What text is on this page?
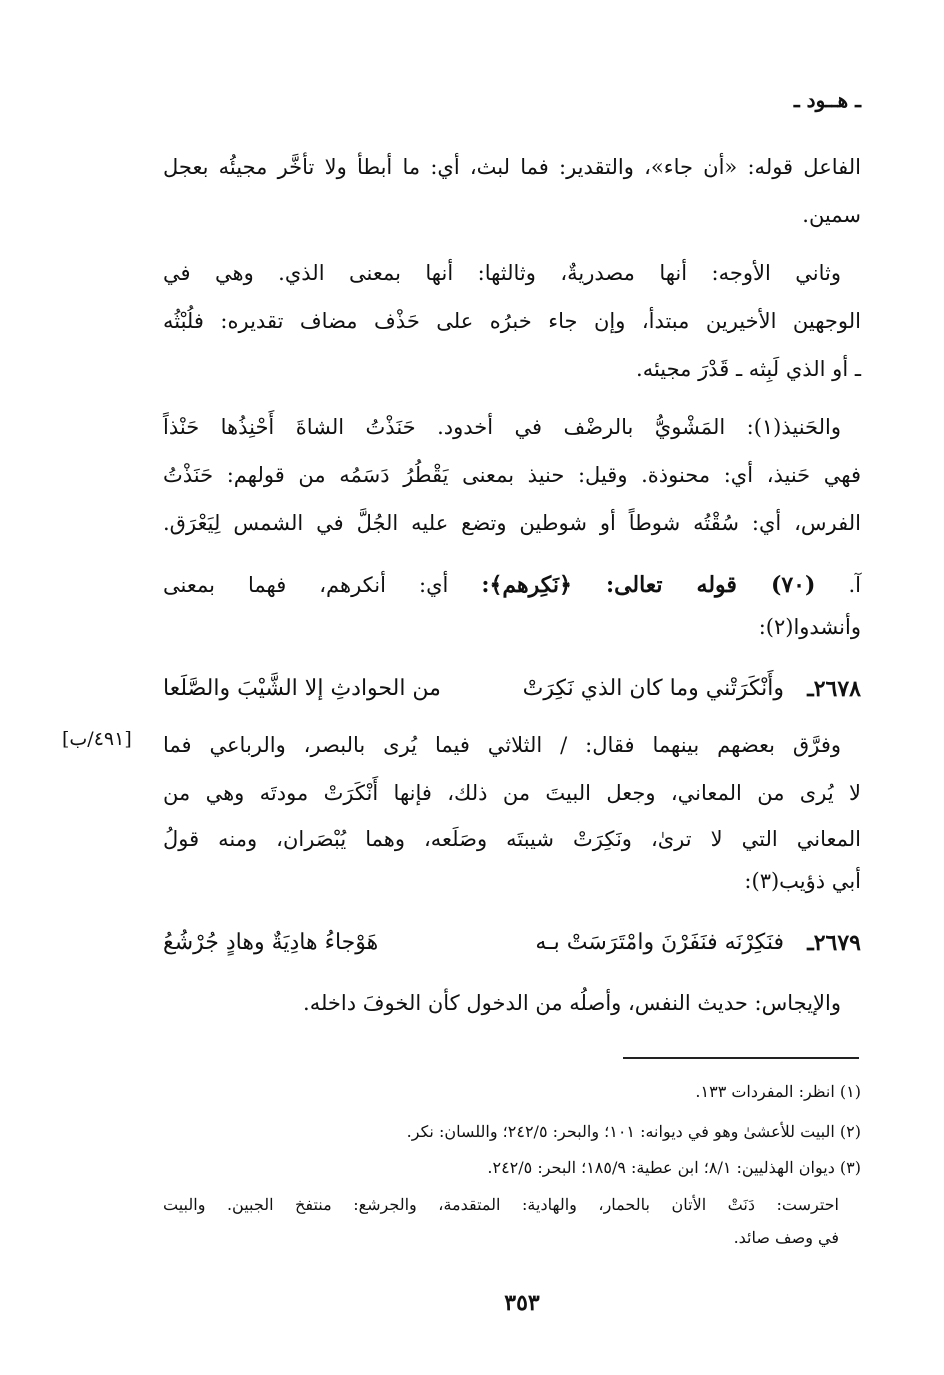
ـ هــود ـ
الفاعل قوله: «أن جاء»، والتقدير: فما لبث، أي: ما أبطأ ولا تأخَّر مجيئُه بعجل
سمين.
وثاني الأوجه: أنها مصدريةٌ، وثالثها: أنها بمعنى الذي. وهي في
الوجهين الأخيرين مبتدأ، وإن جاء خبرُه على حَذْف مضاف تقديره: فلُبْثُه
ـ أو الذي لَبِثه ـ قَدْرَ مجيئه.
والحَنيذ(١): المَشْويُّ بالرضْف في أخدود. حَنَذْتُ الشاةَ أَحْنِذُها حَنْذاً
فهي حَنيذ، أي: محنوذة. وقيل: حنيذ بمعنى يَقْطُرُ دَسَمُه من قولهم: حَنَذْتُ
الفرس، أي: سُقْتُه شوطاً أو شوطين وتضع عليه الجُلَّ في الشمس لِيَعْرَق.
آ. (٧٠) قوله تعالى: ﴿نَكِرهم﴾: أي: أنكرهم، فهما بمعنى
وأنشدوا(٢):
٢٦٧٨ـ
وأَنْكَرَتْني وما كان الذي نَكِرَتْ
من الحوادثِ إلا الشَّيْبَ والصَّلَعا
[٤٩١/ب] وفرَّق بعضهم بينهما فقال: / الثلاثي فيما يُرى بالبصر، والرباعي فما
لا يُرى من المعاني، وجعل البيتَ من ذلك، فإنها أَنْكَرَتْ مودتَه وهي من
المعاني التي لا ترىٰ، ونَكِرَتْ شيبتَه وصَلَعه، وهما يُبْصَران، ومنه قولُ
أبي ذؤيب(٣):
٢٦٧٩ـ
فنَكِرْنَه فنَفَرْنَ وامْتَرَسَتْ بـه
هَوْجاءُ هادِيَةٌ وهادٍ جُرْشُعُ
والإيجاس: حديث النفس، وأصلُه من الدخول كأن الخوفَ داخله.
(١) انظر: المفردات ١٣٣.
(٢) البيت للأعشىٰ وهو في ديوانه: ١٠١؛ والبحر: ٢٤٢/٥؛ واللسان: نكر.
(٣) ديوان الهذليين: ٨/١؛ ابن عطية: ١٨٥/٩؛ البحر: ٢٤٢/٥.
احترست: دَنَتْ الأتان بالحمار، والهادية: المتقدمة، والجرشع: منتفخ الجبين. والبيت
في وصف صائد.
٣٥٣
